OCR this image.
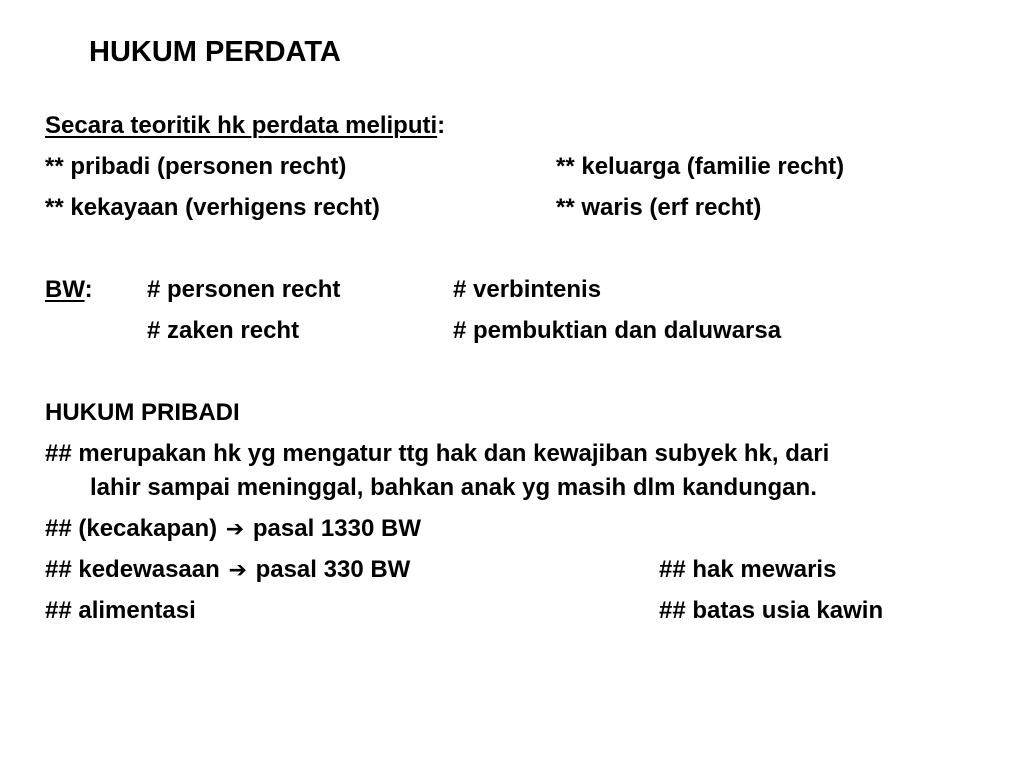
HUKUM PERDATA
Secara teoritik hk perdata meliputi:
** pribadi (personen recht)	** keluarga (familie recht)
** kekayaan (verhigens recht)	** waris (erf recht)
BW: # personen recht	# verbintenis
# zaken recht	# pembuktian dan daluwarsa
HUKUM PRIBADI
## merupakan hk yg mengatur ttg hak dan kewajiban subyek hk, dari
lahir sampai meninggal, bahkan anak yg masih dlm kandungan.
## (kecakapan) ➔ pasal 1330 BW
## kedewasaan ➔ pasal 330 BW	## hak mewaris
## alimentasi	## batas usia kawin
